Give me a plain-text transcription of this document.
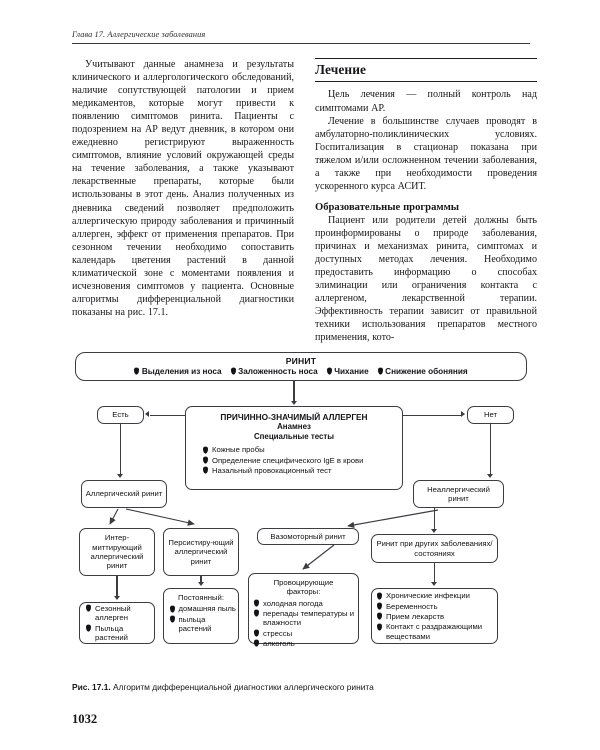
Глава 17. Аллергические заболевания

Учитывают данные анамнеза и результаты клинического и аллергологического обследований, наличие сопутствующей патологии и прием медикаментов, которые могут привести к появлению симптомов ринита. Пациенты с подозрением на АР ведут дневник, в котором они ежедневно регистрируют выраженность симптомов, влияние условий окружающей среды на течение заболевания, а также указывают лекарственные препараты, которые были использованы в этот день. Анализ полученных из дневника сведений позволяет предположить аллергическую природу заболевания и причинный аллерген, эффект от применения препаратов. При сезонном течении необходимо сопоставить календарь цветения растений в данной климатической зоне с моментами появления и исчезновения симптомов у пациента. Основные алгоритмы дифференциальной диагностики показаны на рис. 17.1.

Лечение

Цель лечения — полный контроль над симптомами АР.

Лечение в большинстве случаев проводят в амбулаторно-поликлинических условиях. Госпитализация в стационар показана при тяжелом и/или осложненном течении заболевания, а также при необходимости проведения ускоренного курса АСИТ.

Образовательные программы

Пациент или родители детей должны быть проинформированы о природе заболевания, причинах и механизмах ринита, симптомах и доступных методах лечения. Необходимо предоставить информацию о способах элиминации или ограничения контакта с аллергеном, лекарственной терапии. Эффективность терапии зависит от правильной техники использования препаратов местного применения, кото-

РИНИТ
Выделения из носа Заложенность носа Чихание Снижение обоняния
Есть	Нет
ПРИЧИННО-ЗНАЧИМЫЙ АЛЛЕРГЕН
Анамнез
Специальные тесты
Кожные пробы
Определение специфического IgE в крови
Назальный провокационный тест
Аллергический ринит
Неаллергический ринит
Интер-миттирующий аллергический ринит
Персистиру-ющий аллергический ринит
Вазомоторный ринит
Ринит при других заболеваниях/состояниях
Сезонный аллерген
Пыльца растений
Постоянный:
домашняя пыль
пыльца растений
Провоцирующие
факторы:
холодная погода
перепады температуры и влажности
стрессы
алкоголь
Хронические инфекции
Беременность
Прием лекарств
Контакт с раздражающими веществами
Рис. 17.1. Алгоритм дифференциальной диагностики аллергического ринита
1032
